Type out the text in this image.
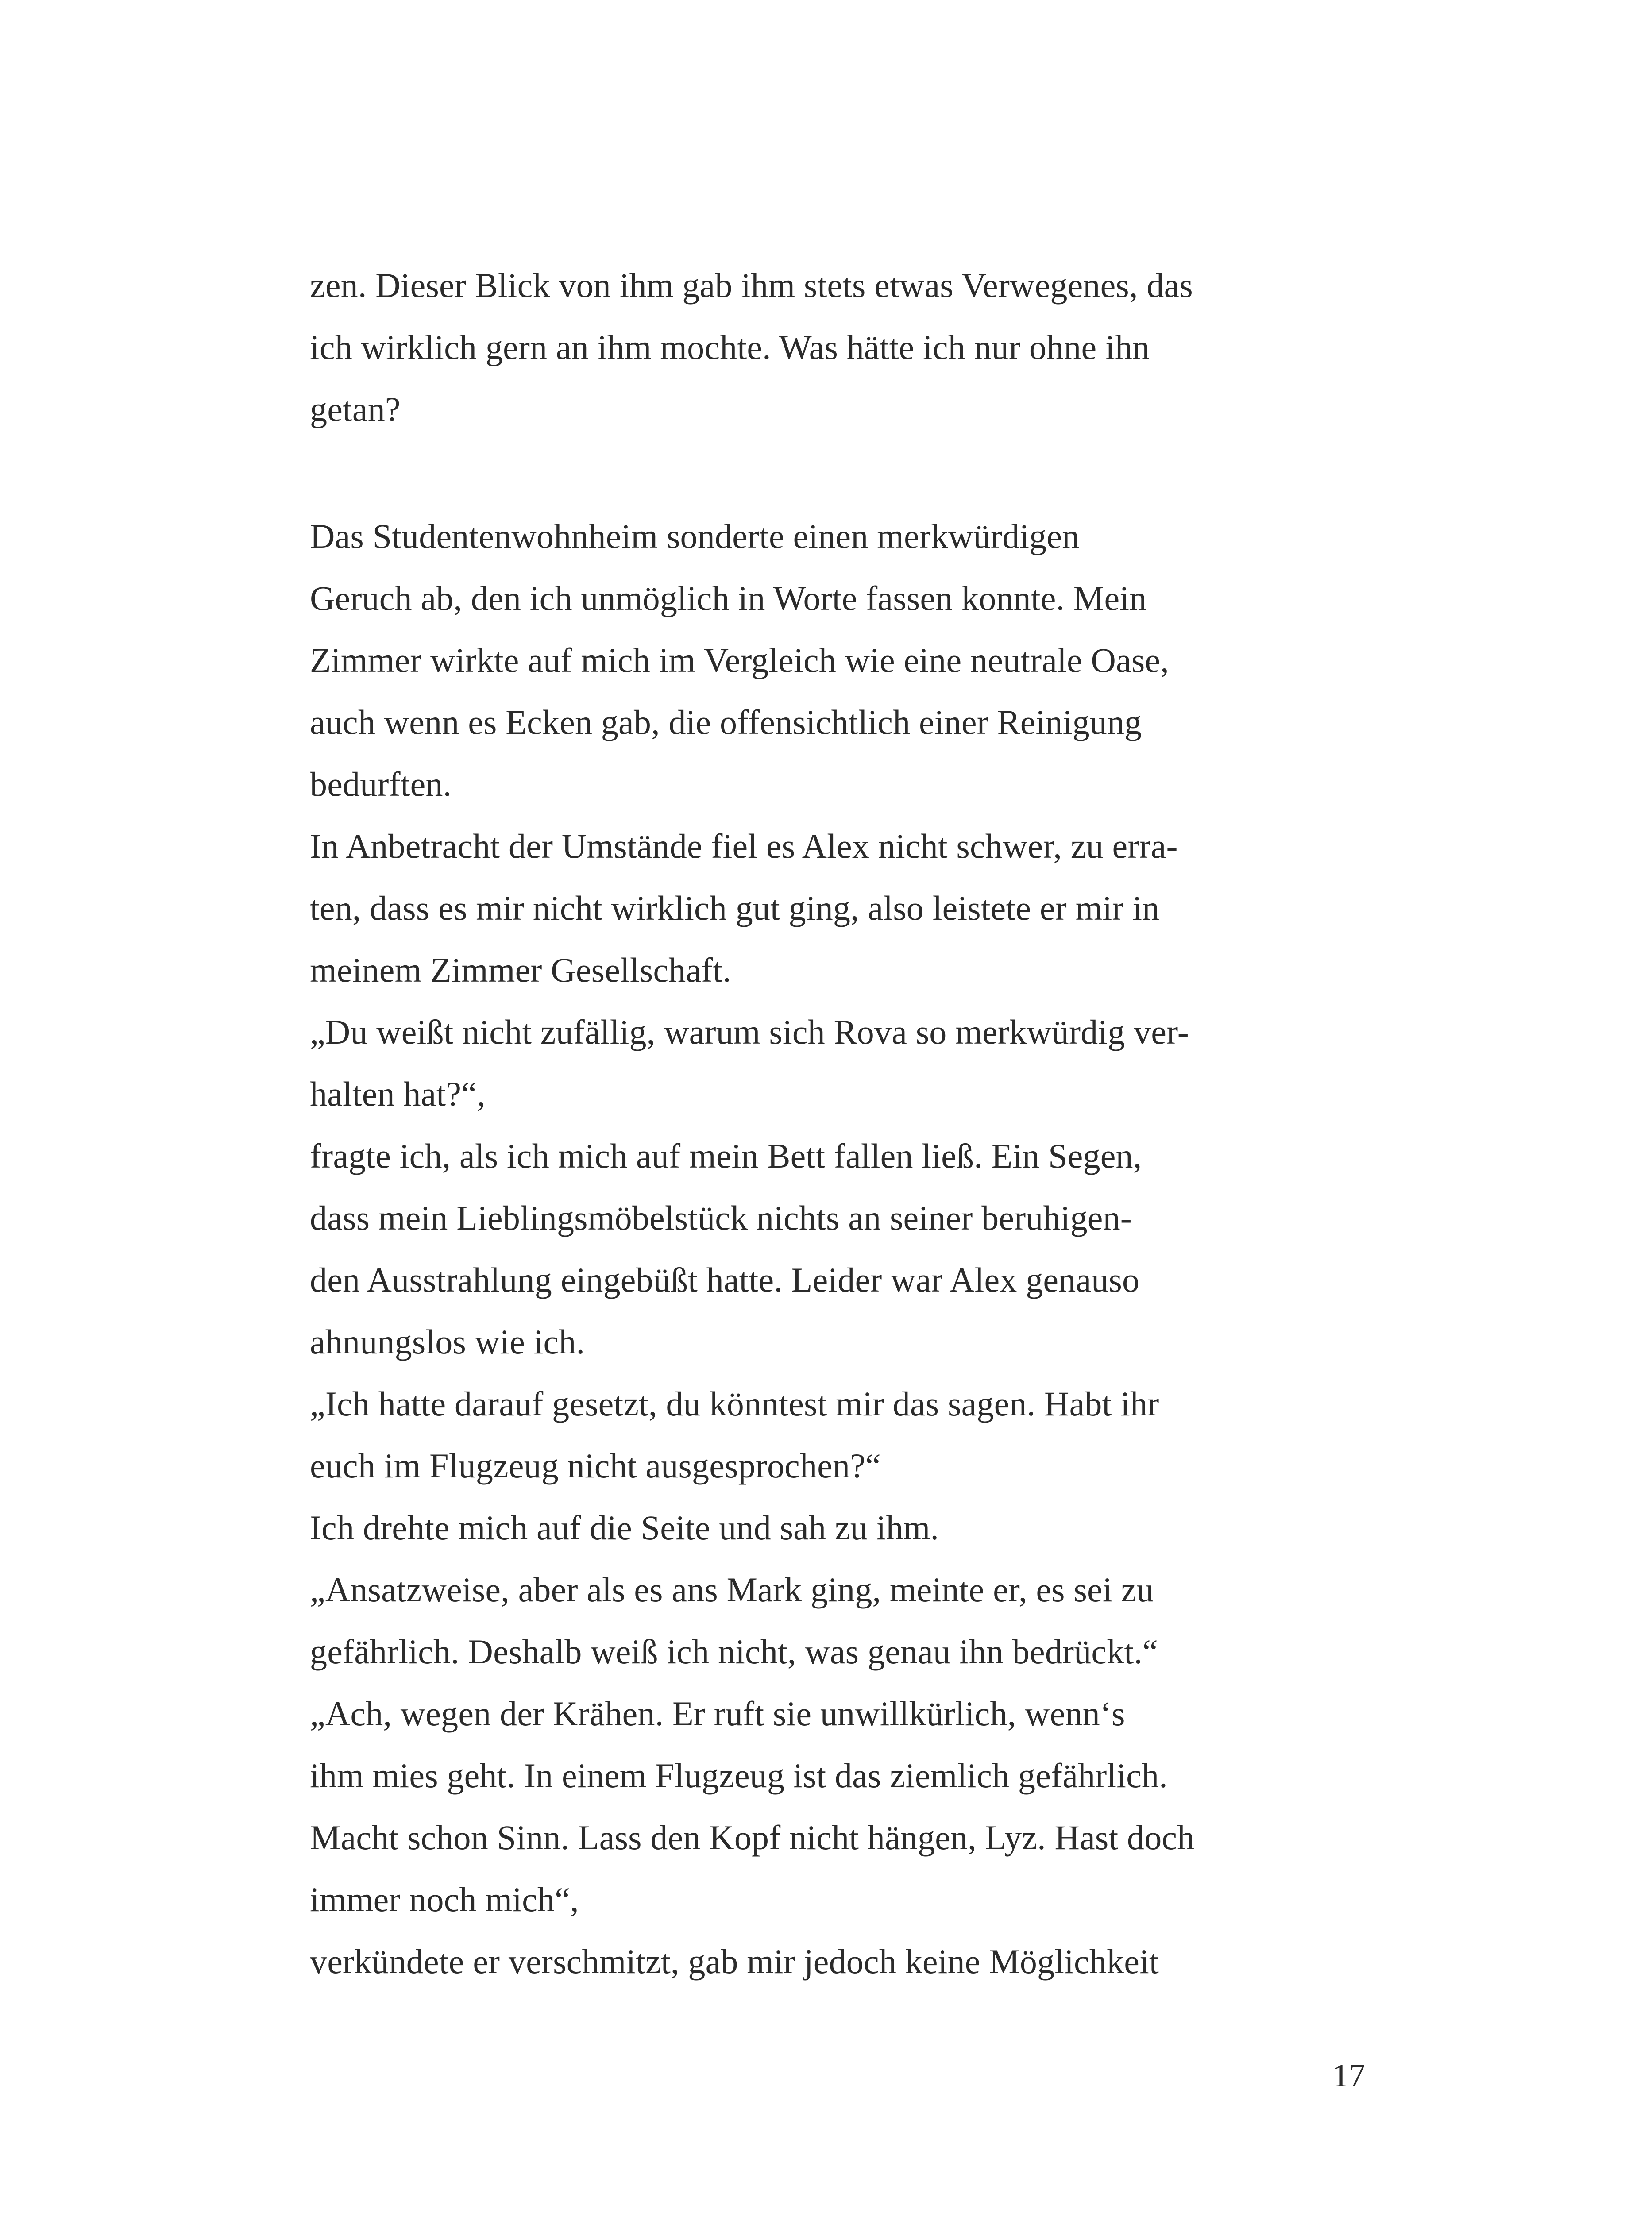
zen. Dieser Blick von ihm gab ihm stets etwas Verwegenes, das
ich wirklich gern an ihm mochte. Was hätte ich nur ohne ihn
getan?
Das Studentenwohnheim sonderte einen merkwürdigen
Geruch ab, den ich unmöglich in Worte fassen konnte. Mein
Zimmer wirkte auf mich im Vergleich wie eine neutrale Oase,
auch wenn es Ecken gab, die offensichtlich einer Reinigung
bedurften.
In Anbetracht der Umstände fiel es Alex nicht schwer, zu erra-
ten, dass es mir nicht wirklich gut ging, also leistete er mir in
meinem Zimmer Gesellschaft.
„Du weißt nicht zufällig, warum sich Rova so merkwürdig ver-
halten hat?“,
fragte ich, als ich mich auf mein Bett fallen ließ. Ein Segen,
dass mein Lieblingsmöbelstück nichts an seiner beruhigen-
den Ausstrahlung eingebüßt hatte. Leider war Alex genauso
ahnungslos wie ich.
„Ich hatte darauf gesetzt, du könntest mir das sagen. Habt ihr
euch im Flugzeug nicht ausgesprochen?“
Ich drehte mich auf die Seite und sah zu ihm.
„Ansatzweise, aber als es ans Mark ging, meinte er, es sei zu
gefährlich. Deshalb weiß ich nicht, was genau ihn bedrückt.“
„Ach, wegen der Krähen. Er ruft sie unwillkürlich, wenn‘s
ihm mies geht. In einem Flugzeug ist das ziemlich gefährlich.
Macht schon Sinn. Lass den Kopf nicht hängen, Lyz. Hast doch
immer noch mich“,
verkündete er verschmitzt, gab mir jedoch keine Möglichkeit

17
